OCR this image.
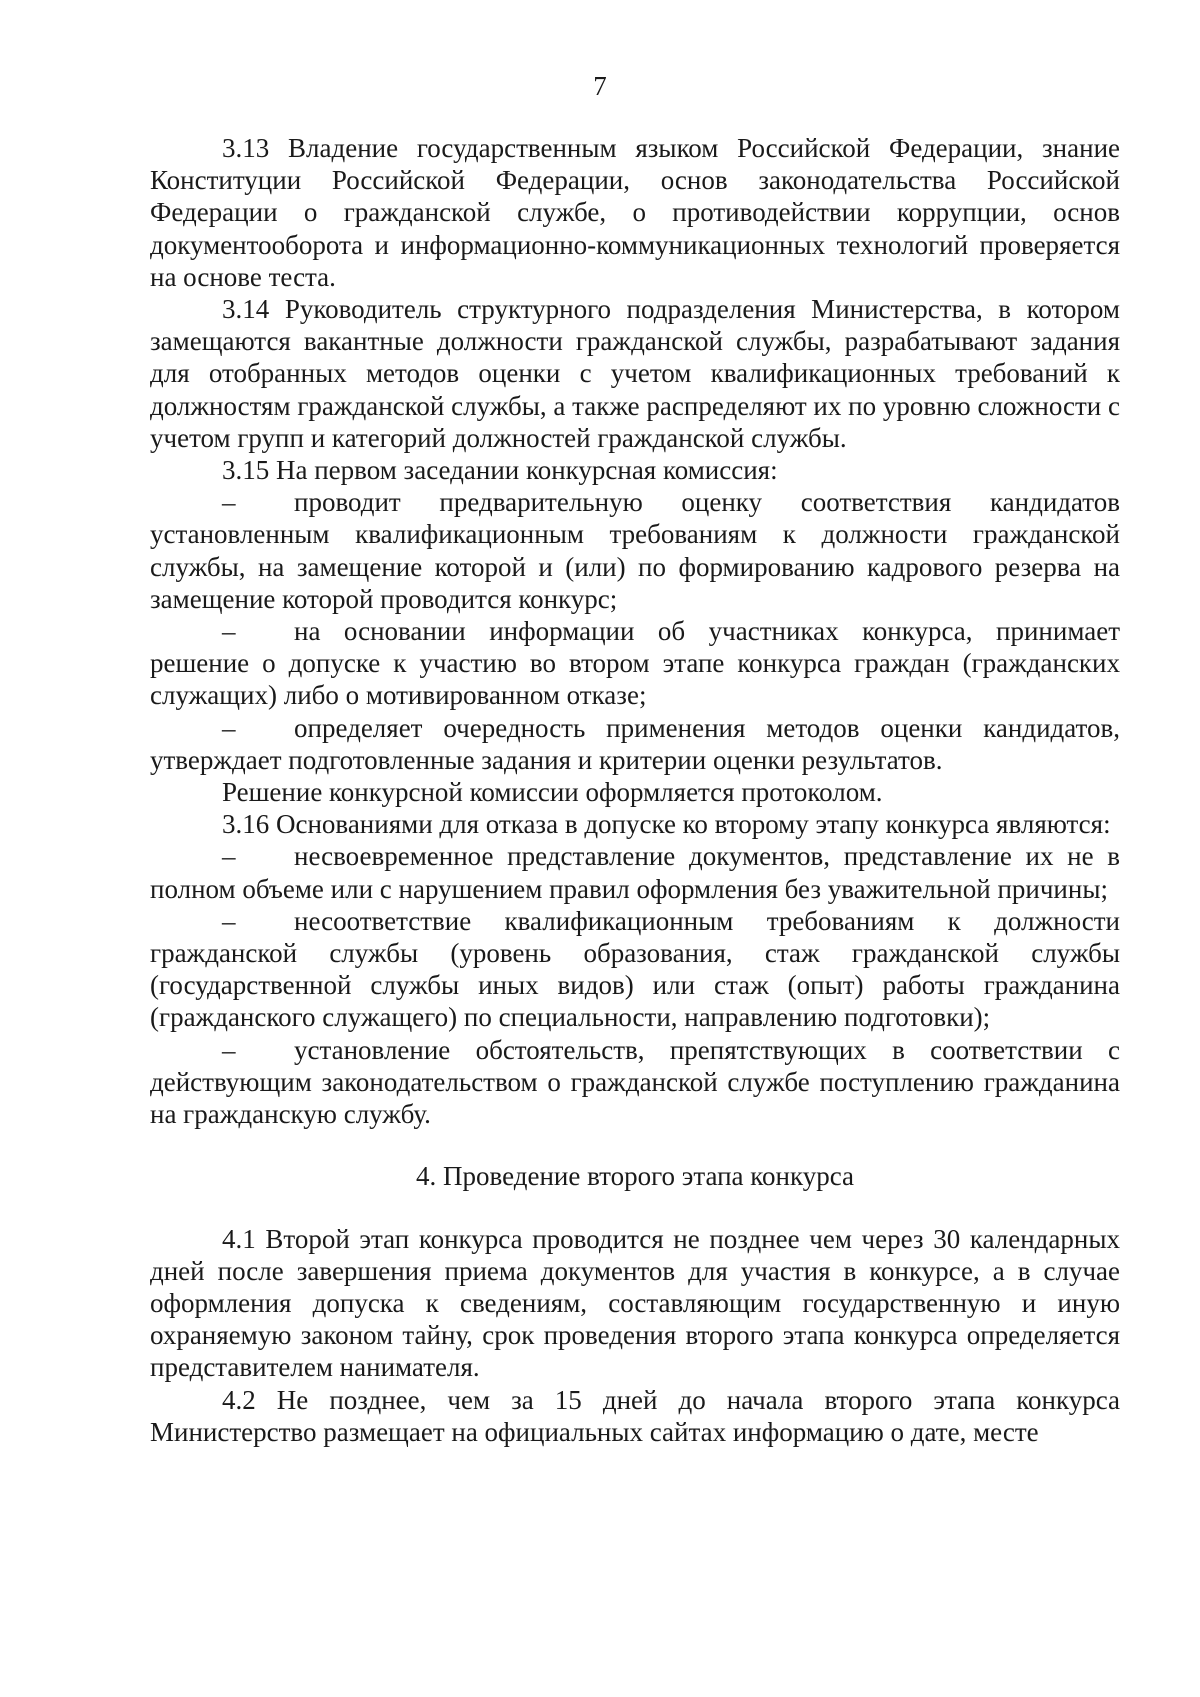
7

3.13 Владение государственным языком Российской Федерации, знание Конституции Российской Федерации, основ законодательства Российской Федерации о гражданской службе, о противодействии коррупции, основ документооборота и информационно-коммуникационных технологий проверяется на основе теста.

3.14 Руководитель структурного подразделения Министерства, в котором замещаются вакантные должности гражданской службы, разрабатывают задания для отобранных методов оценки с учетом квалификационных требований к должностям гражданской службы, а также распределяют их по уровню сложности с учетом групп и категорий должностей гражданской службы.

3.15 На первом заседании конкурсная комиссия:

– проводит предварительную оценку соответствия кандидатов установленным квалификационным требованиям к должности гражданской службы, на замещение которой и (или) по формированию кадрового резерва на замещение которой проводится конкурс;

– на основании информации об участниках конкурса, принимает решение о допуске к участию во втором этапе конкурса граждан (гражданских служащих) либо о мотивированном отказе;

– определяет очередность применения методов оценки кандидатов, утверждает подготовленные задания и критерии оценки результатов.

Решение конкурсной комиссии оформляется протоколом.

3.16 Основаниями для отказа в допуске ко второму этапу конкурса являются:

– несвоевременное представление документов, представление их не в полном объеме или с нарушением правил оформления без уважительной причины;

– несоответствие квалификационным требованиям к должности гражданской службы (уровень образования, стаж гражданской службы (государственной службы иных видов) или стаж (опыт) работы гражданина (гражданского служащего) по специальности, направлению подготовки);

– установление обстоятельств, препятствующих в соответствии с действующим законодательством о гражданской службе поступлению гражданина на гражданскую службу.

4. Проведение второго этапа конкурса

4.1 Второй этап конкурса проводится не позднее чем через 30 календарных дней после завершения приема документов для участия в конкурсе, а в случае оформления допуска к сведениям, составляющим государственную и иную охраняемую законом тайну, срок проведения второго этапа конкурса определяется представителем нанимателя.

4.2 Не позднее, чем за 15 дней до начала второго этапа конкурса Министерство размещает на официальных сайтах информацию о дате, месте
